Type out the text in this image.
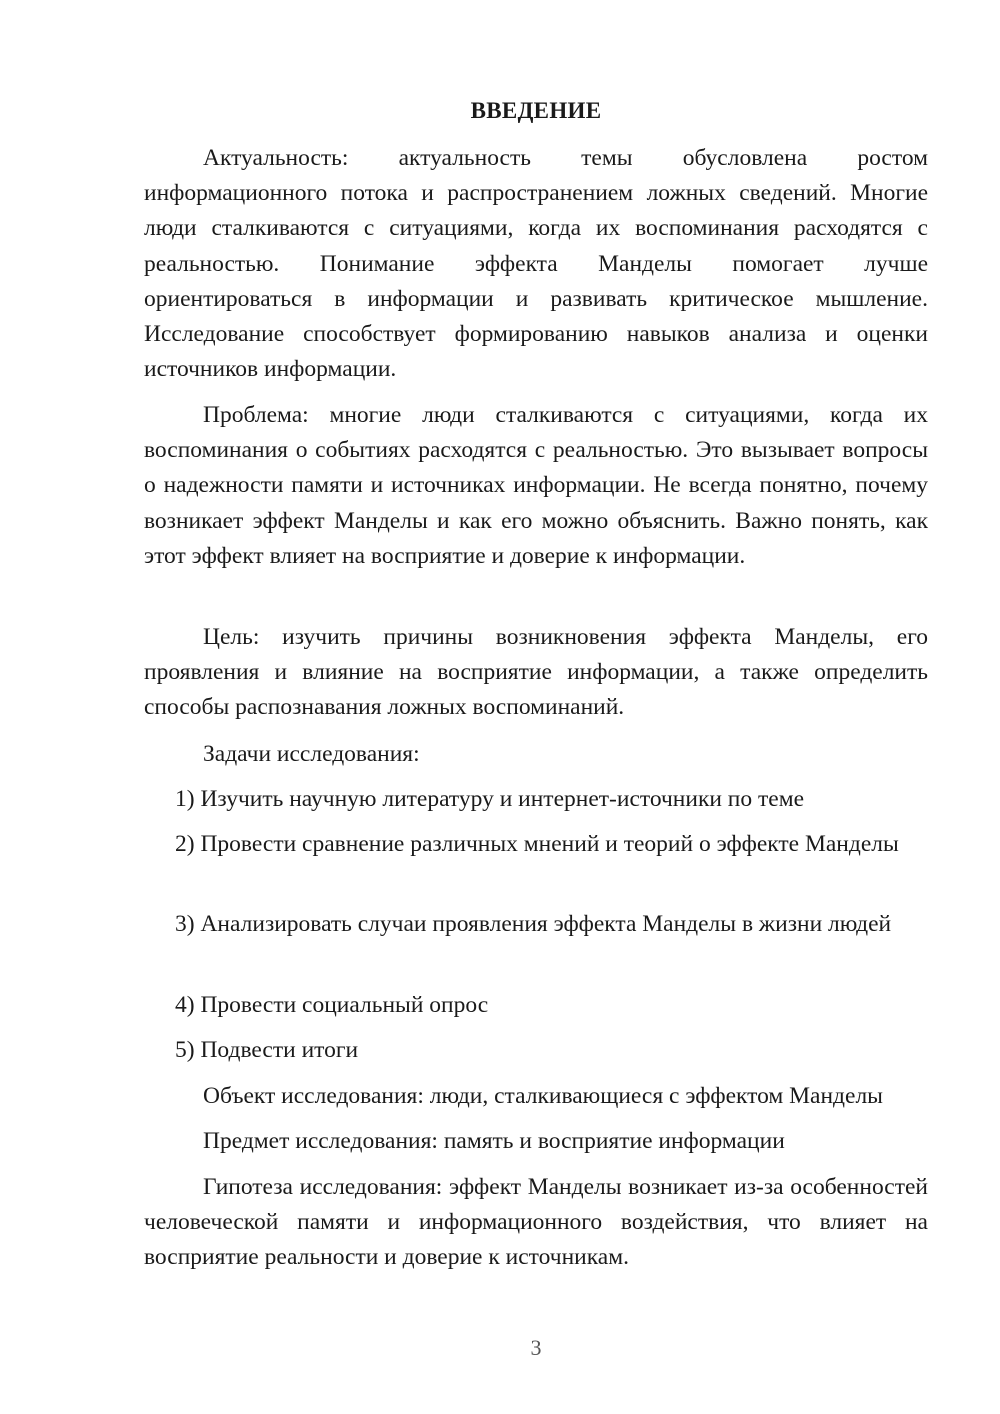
ВВЕДЕНИЕ

Актуальность: актуальность темы обусловлена ростом информационного потока и распространением ложных сведений. Многие люди сталкиваются с ситуациями, когда их воспоминания расходятся с реальностью. Понимание эффекта Манделы помогает лучше ориентироваться в информации и развивать критическое мышление. Исследование способствует формированию навыков анализа и оценки источников информации.

Проблема: многие люди сталкиваются с ситуациями, когда их воспоминания о событиях расходятся с реальностью. Это вызывает вопросы о надежности памяти и источниках информации. Не всегда понятно, почему возникает эффект Манделы и как его можно объяснить. Важно понять, как этот эффект влияет на восприятие и доверие к информации.

Цель: изучить причины возникновения эффекта Манделы, его проявления и влияние на восприятие информации, а также определить способы распознавания ложных воспоминаний.

Задачи исследования:

1) Изучить научную литературу и интернет-источники по теме

2) Провести сравнение различных мнений и теорий о эффекте Манделы

3) Анализировать случаи проявления эффекта Манделы в жизни людей

4) Провести социальный опрос

5) Подвести итоги

Объект исследования: люди, сталкивающиеся с эффектом Манделы

Предмет исследования: память и восприятие информации

Гипотеза исследования: эффект Манделы возникает из-за особенностей человеческой памяти и информационного воздействия, что влияет на восприятие реальности и доверие к источникам.

3
